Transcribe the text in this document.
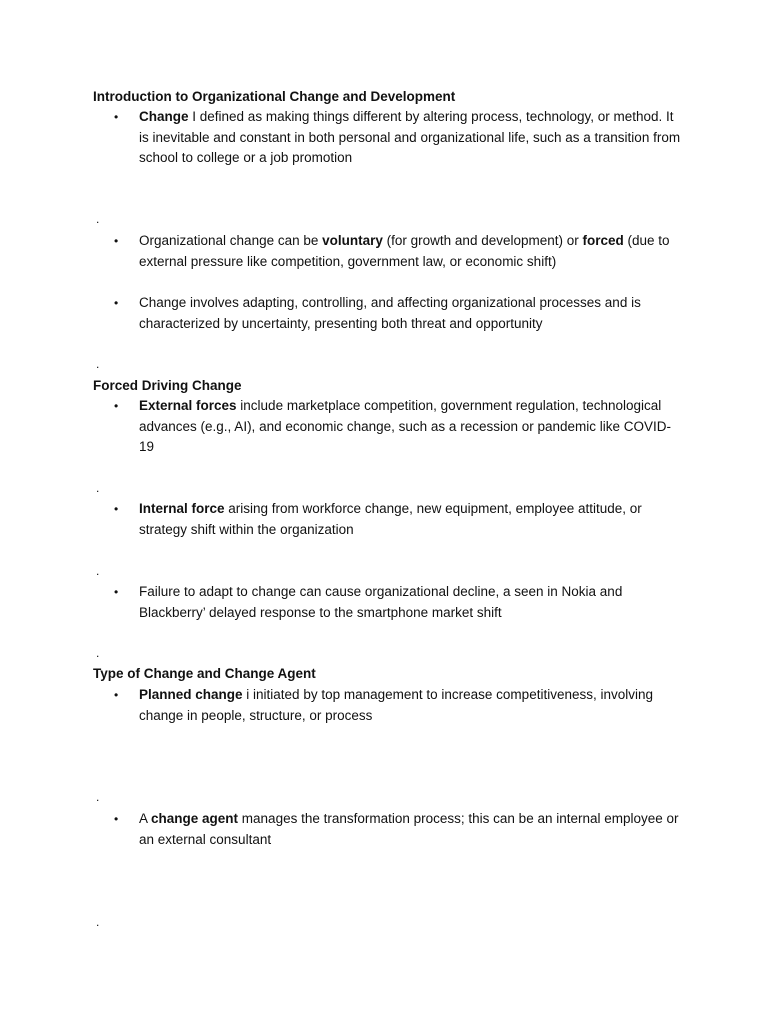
Introduction to Organizational Change and Development
• Change I defined as making things different by altering process, technology, or method. It is inevitable and constant in both personal and organizational life, such as a transition from school to college or a job promotion
.
• Organizational change can be voluntary (for growth and development) or forced (due to external pressure like competition, government law, or economic shift)
• Change involves adapting, controlling, and affecting organizational processes and is characterized by uncertainty, presenting both threat and opportunity
.
Forced Driving Change
• External forces include marketplace competition, government regulation, technological advances (e.g., AI), and economic change, such as a recession or pandemic like COVID-19
.
• Internal force arising from workforce change, new equipment, employee attitude, or strategy shift within the organization
.
• Failure to adapt to change can cause organizational decline, a seen in Nokia and Blackberry’ delayed response to the smartphone market shift
.
Type of Change and Change Agent
• Planned change i initiated by top management to increase competitiveness, involving change in people, structure, or process
.
• A change agent manages the transformation process; this can be an internal employee or an external consultant
.
